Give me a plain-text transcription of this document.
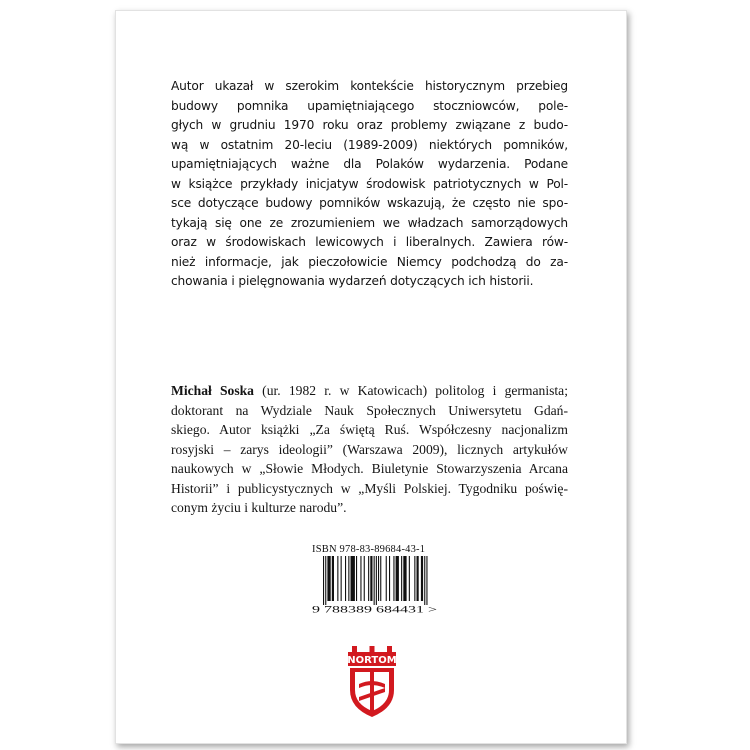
Autor ukazał w szerokim kontekście historycznym przebieg
budowy pomnika upamiętniającego stoczniowców, pole-
głych w grudniu 1970 roku oraz problemy związane z budo-
wą w ostatnim 20-leciu (1989-2009) niektórych pomników,
upamiętniających ważne dla Polaków wydarzenia. Podane
w książce przykłady inicjatyw środowisk patriotycznych w Pol-
sce dotyczące budowy pomników wskazują, że często nie spo-
tykają się one ze zrozumieniem we władzach samorządowych
oraz w środowiskach lewicowych i liberalnych. Zawiera rów-
nież informacje, jak pieczołowicie Niemcy podchodzą do za-
chowania i pielęgnowania wydarzeń dotyczących ich historii.
Michał Soska (ur. 1982 r. w Katowicach) politolog i germanista;
doktorant na Wydziale Nauk Społecznych Uniwersytetu Gdań-
skiego. Autor książki „Za świętą Ruś. Współczesny nacjonalizm
rosyjski – zarys ideologii” (Warszawa 2009), licznych artykułów
naukowych w „Słowie Młodych. Biuletynie Stowarzyszenia Arcana
Historii” i publicystycznych w „Myśli Polskiej. Tygodniku poświę-
conym życiu i kulturze narodu”.
ISBN 978-83-89684-43-1
9 788389 684431 >
NORTOM
